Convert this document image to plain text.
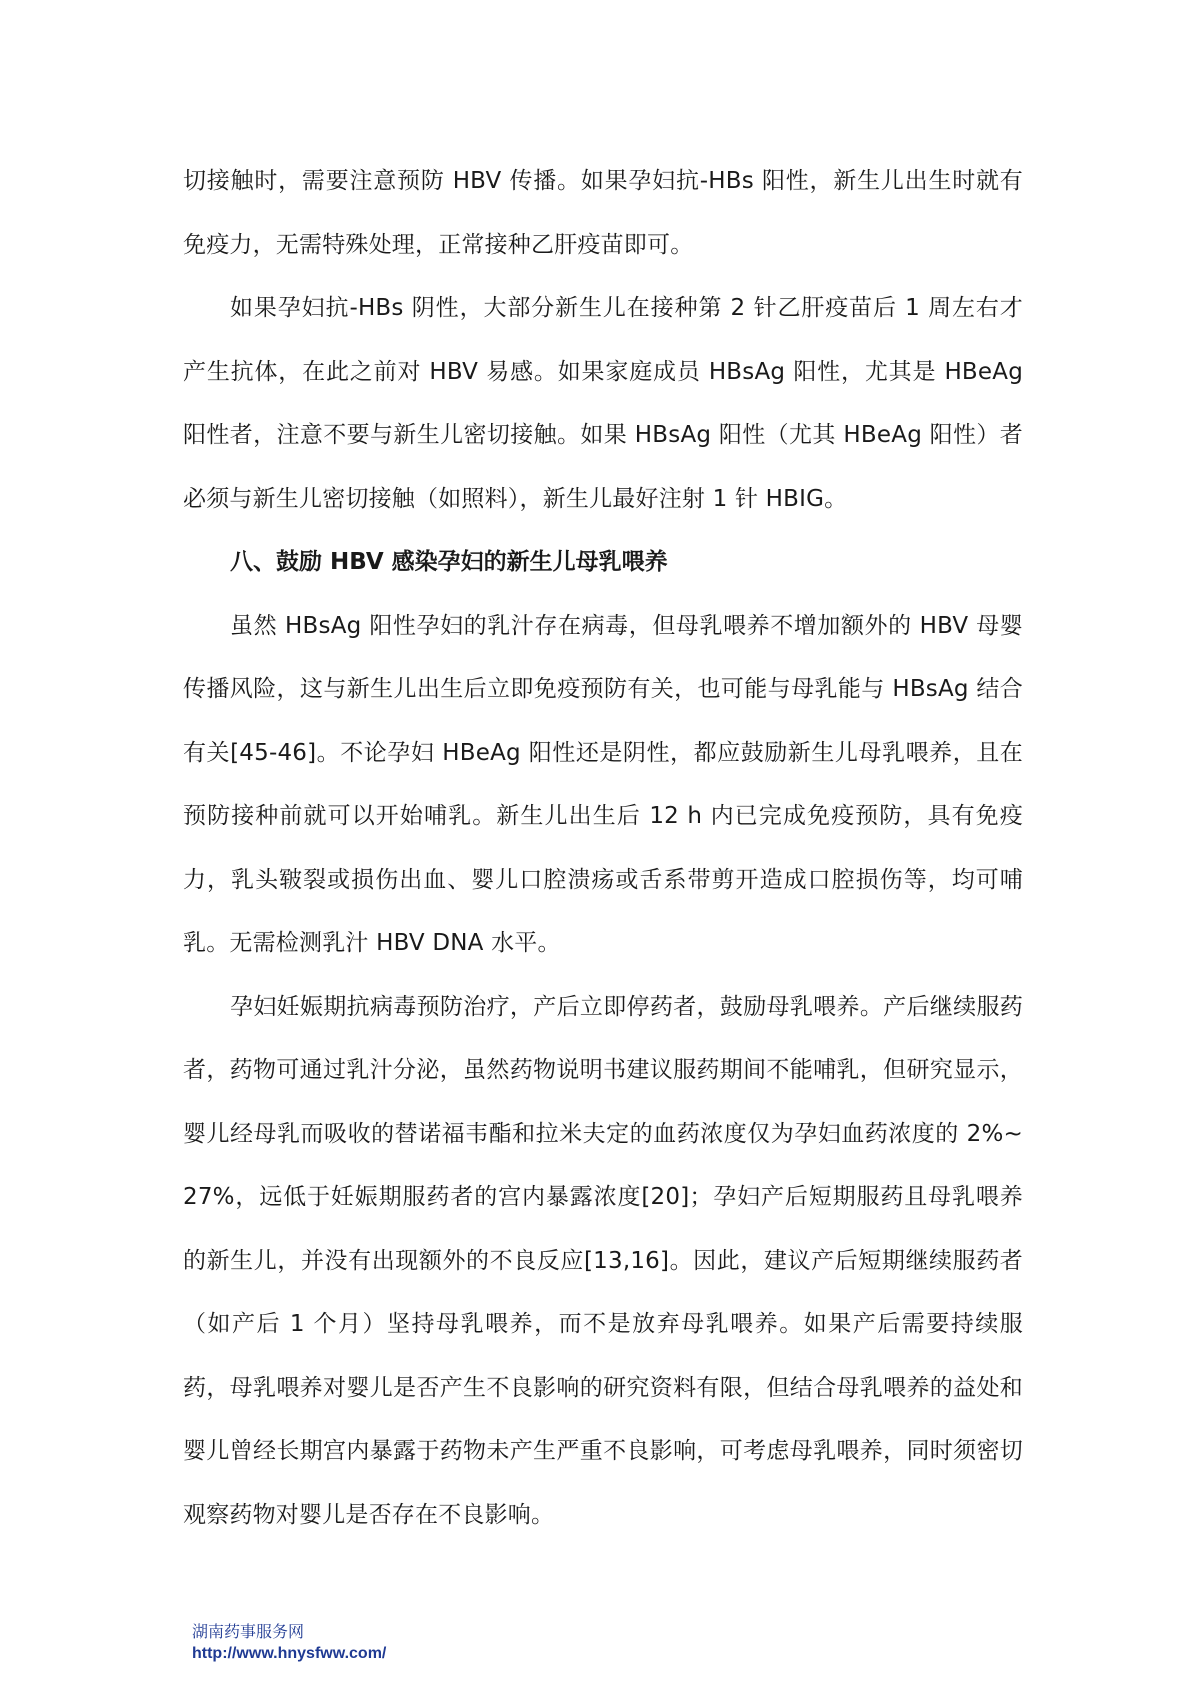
切接触时，需要注意预防 HBV 传播。如果孕妇抗-HBs 阳性，新生儿出生时就有免疫力，无需特殊处理，正常接种乙肝疫苗即可。

如果孕妇抗-HBs 阴性，大部分新生儿在接种第 2 针乙肝疫苗后 1 周左右才产生抗体，在此之前对 HBV 易感。如果家庭成员 HBsAg 阳性，尤其是 HBeAg 阳性者，注意不要与新生儿密切接触。如果 HBsAg 阳性（尤其 HBeAg 阳性）者必须与新生儿密切接触（如照料），新生儿最好注射 1 针 HBIG。

八、鼓励 HBV 感染孕妇的新生儿母乳喂养

虽然 HBsAg 阳性孕妇的乳汁存在病毒，但母乳喂养不增加额外的 HBV 母婴传播风险，这与新生儿出生后立即免疫预防有关，也可能与母乳能与 HBsAg 结合有关[45-46]。不论孕妇 HBeAg 阳性还是阴性，都应鼓励新生儿母乳喂养，且在预防接种前就可以开始哺乳。新生儿出生后 12 h 内已完成免疫预防，具有免疫力，乳头皲裂或损伤出血、婴儿口腔溃疡或舌系带剪开造成口腔损伤等，均可哺乳。无需检测乳汁 HBV DNA 水平。

孕妇妊娠期抗病毒预防治疗，产后立即停药者，鼓励母乳喂养。产后继续服药者，药物可通过乳汁分泌，虽然药物说明书建议服药期间不能哺乳，但研究显示，婴儿经母乳而吸收的替诺福韦酯和拉米夫定的血药浓度仅为孕妇血药浓度的 2%~27%，远低于妊娠期服药者的宫内暴露浓度[20]；孕妇产后短期服药且母乳喂养的新生儿，并没有出现额外的不良反应[13,16]。因此，建议产后短期继续服药者（如产后 1 个月）坚持母乳喂养，而不是放弃母乳喂养。如果产后需要持续服药，母乳喂养对婴儿是否产生不良影响的研究资料有限，但结合母乳喂养的益处和婴儿曾经长期宫内暴露于药物未产生严重不良影响，可考虑母乳喂养，同时须密切观察药物对婴儿是否存在不良影响。

湖南药事服务网
http://www.hnysfww.com/
